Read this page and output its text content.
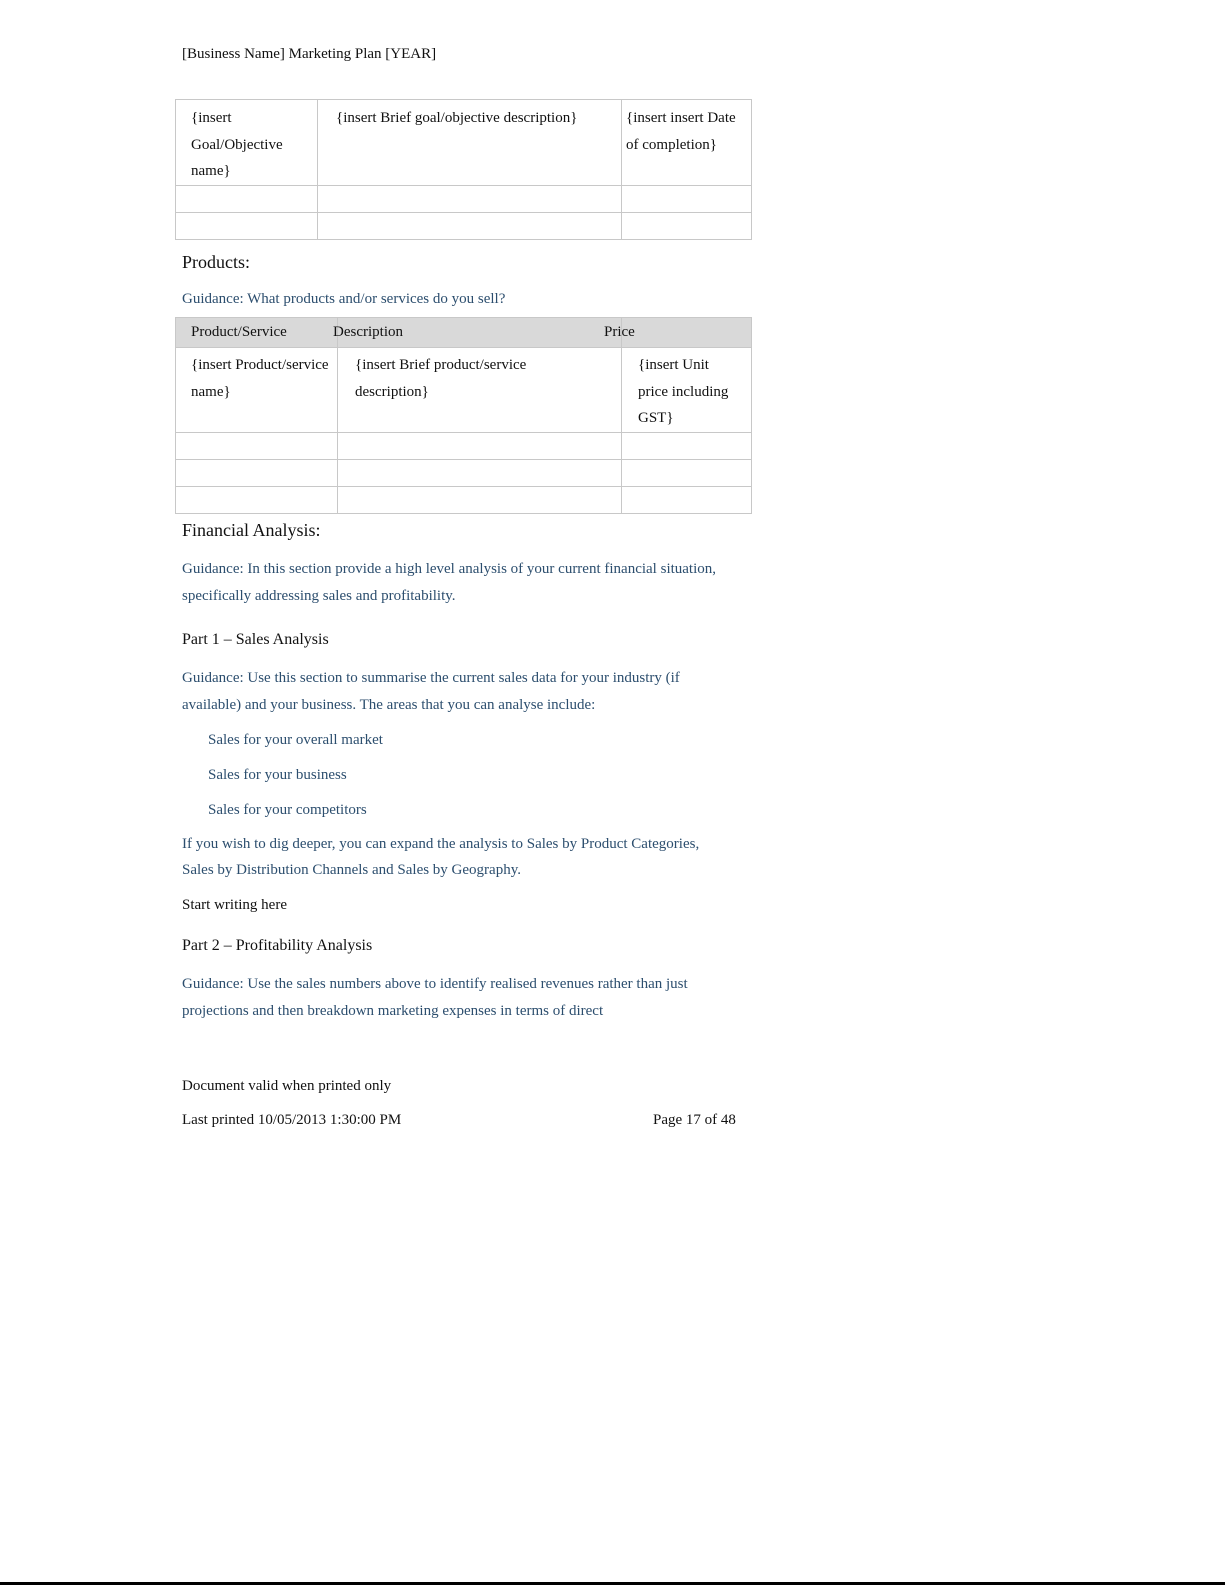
[Business Name] Marketing Plan [YEAR]
{insert Goal/Objective name}	{insert Brief goal/objective description}	{insert insert Date of completion}

Products:
Guidance: What products and/or services do you sell?
Product/Service	Description	Price

{insert Product/service name}	{insert Brief product/service description}	{insert Unit price including GST}

Financial Analysis:
Guidance: In this section provide a high level analysis of your current financial situation, specifically addressing sales and profitability.
Part 1 – Sales Analysis
Guidance: Use this section to summarise the current sales data for your industry (if available) and your business. The areas that you can analyse include:
Sales for your overall market
Sales for your business
Sales for your competitors
If you wish to dig deeper, you can expand the analysis to Sales by Product Categories, Sales by Distribution Channels and Sales by Geography.
Start writing here
Part 2 – Profitability Analysis
Guidance: Use the sales numbers above to identify realised revenues rather than just projections and then breakdown marketing expenses in terms of direct
Document valid when printed only
Last printed 10/05/2013 1:30:00 PM	Page 17 of 48
